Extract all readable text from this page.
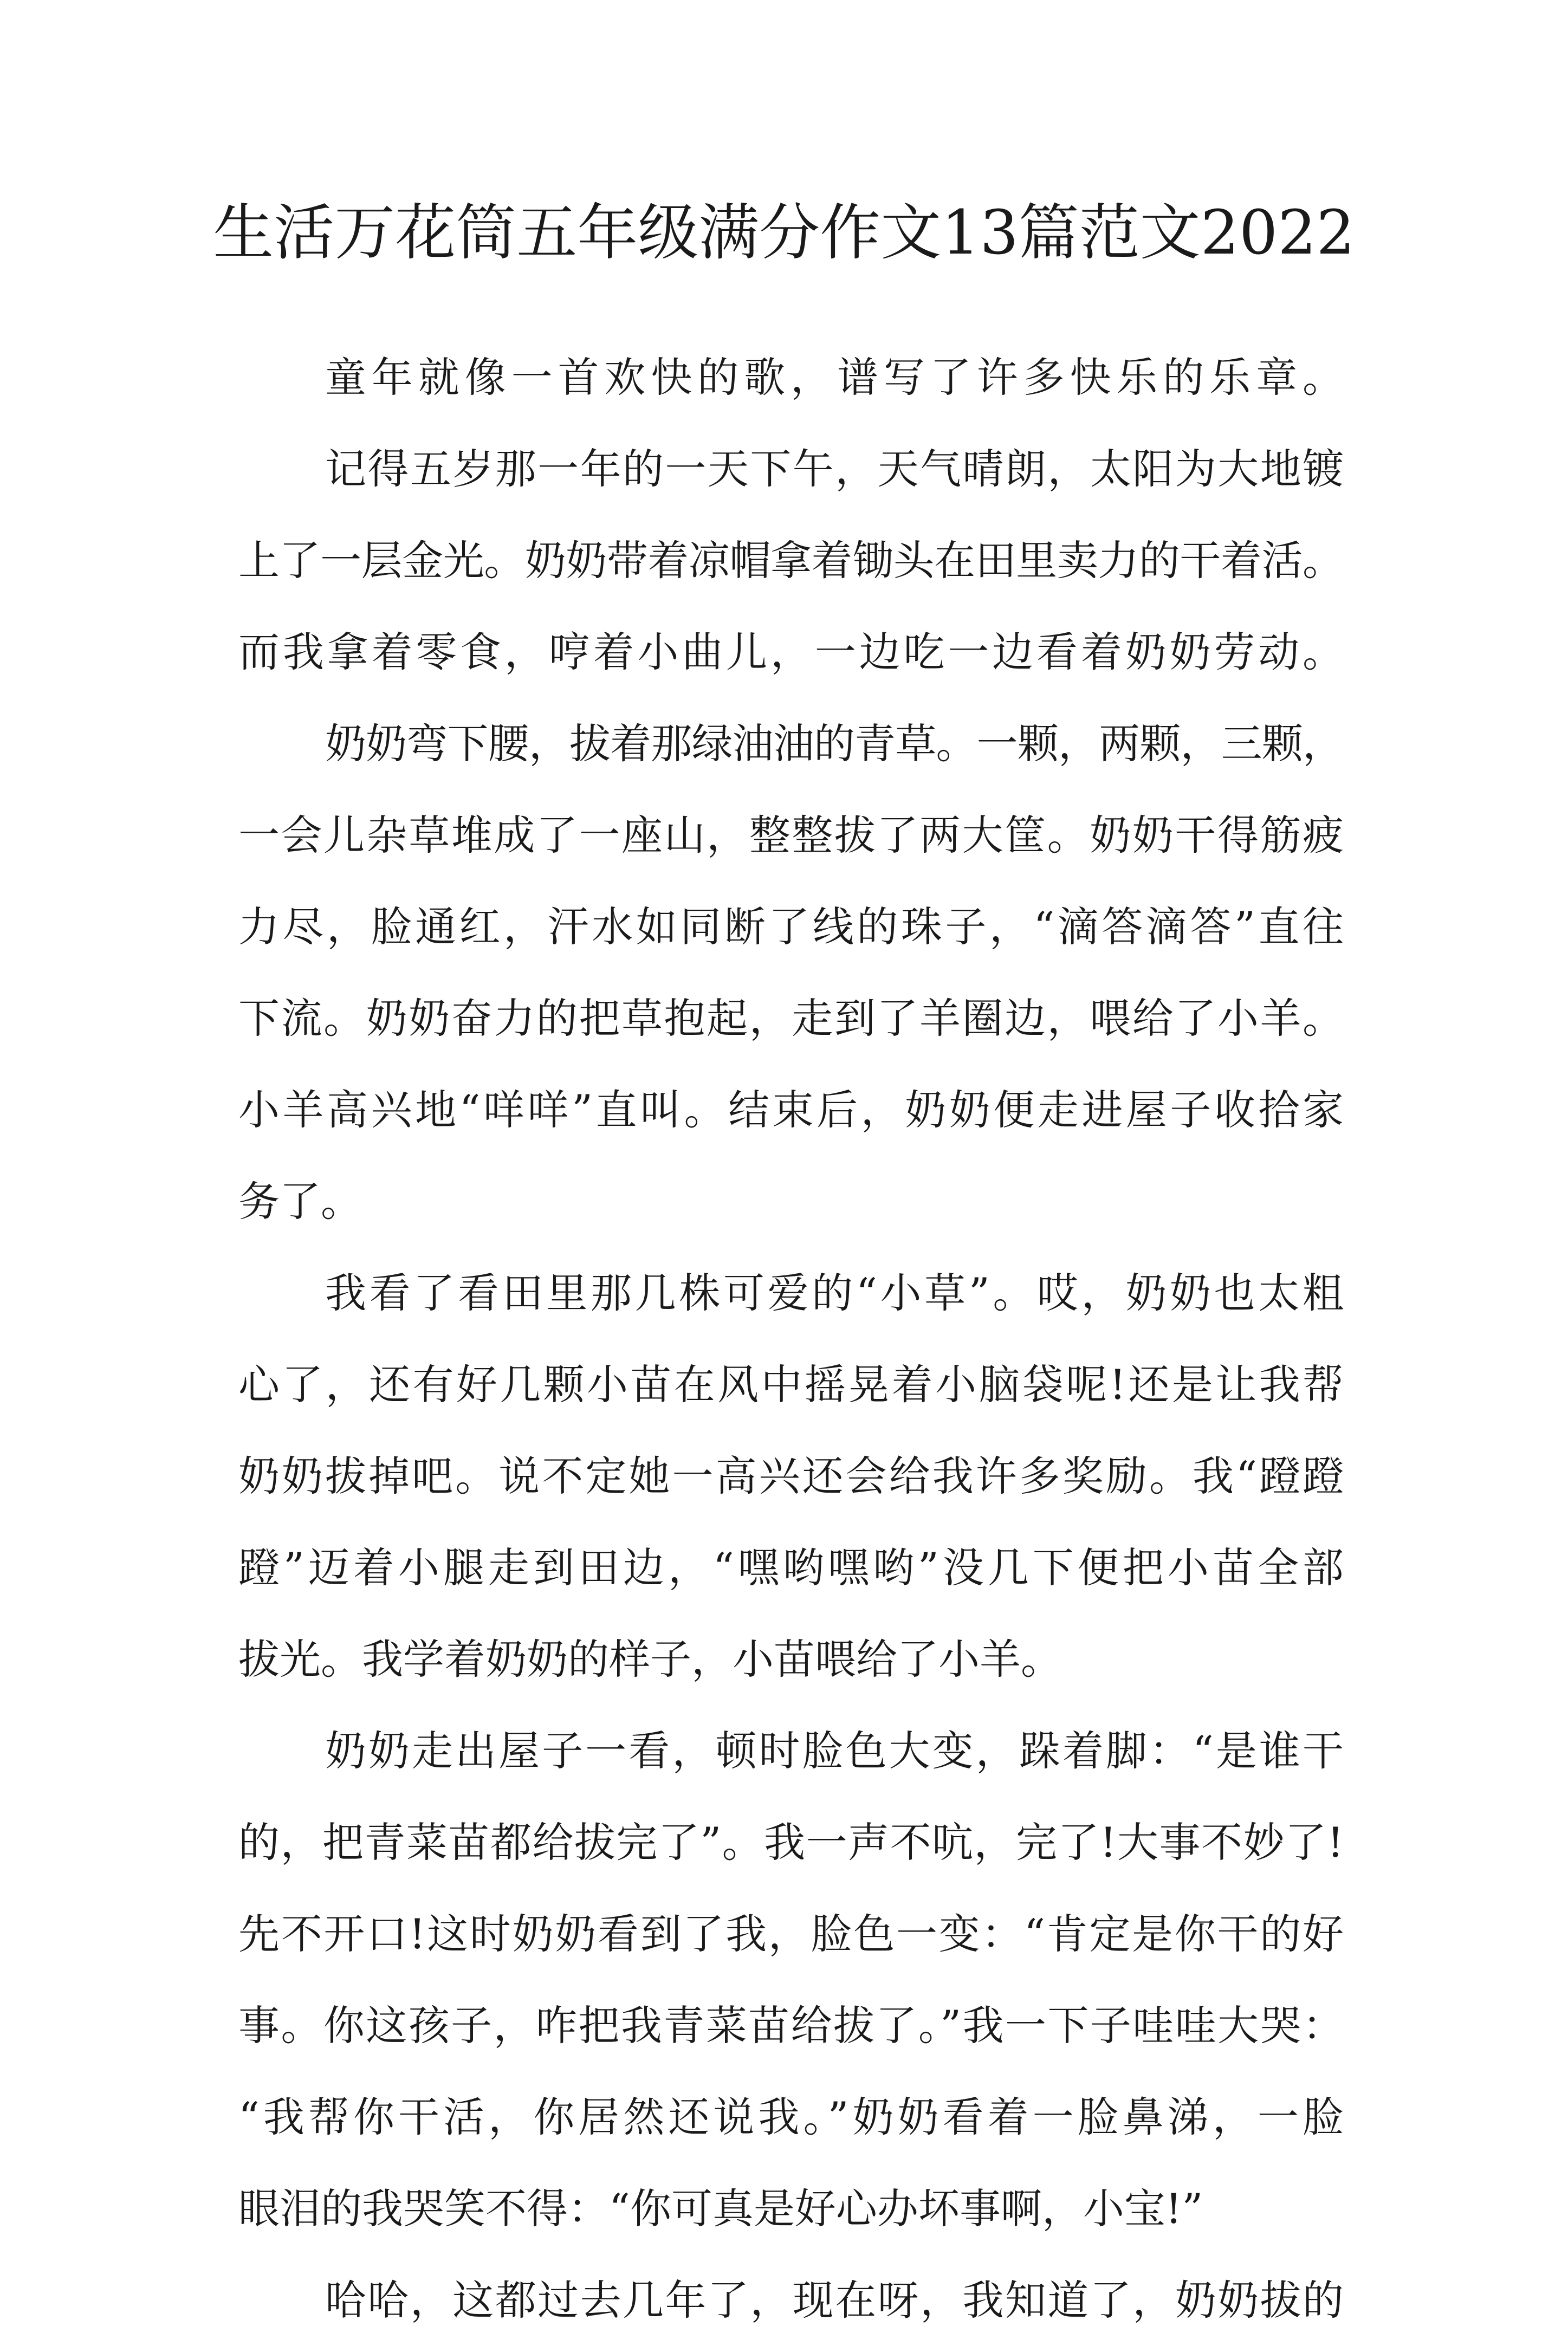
生活万花筒五年级满分作文13篇范文2022
童年就像一首欢快的歌，谱写了许多快乐的乐章。
记得五岁那一年的一天下午，天气晴朗，太阳为大地镀
上了一层金光。奶奶带着凉帽拿着锄头在田里卖力的干着活。
而我拿着零食，哼着小曲儿，一边吃一边看着奶奶劳动。
奶奶弯下腰，拔着那绿油油的青草。一颗，两颗，三颗，
一会儿杂草堆成了一座山，整整拔了两大筐。奶奶干得筋疲
力尽，脸通红，汗水如同断了线的珠子，“滴答滴答”直往
下流。奶奶奋力的把草抱起，走到了羊圈边，喂给了小羊。
小羊高兴地“咩咩”直叫。结束后，奶奶便走进屋子收拾家
务了。
我看了看田里那几株可爱的“小草”。哎，奶奶也太粗
心了，还有好几颗小苗在风中摇晃着小脑袋呢!还是让我帮
奶奶拔掉吧。说不定她一高兴还会给我许多奖励。我“蹬蹬
蹬”迈着小腿走到田边，“嘿哟嘿哟”没几下便把小苗全部
拔光。我学着奶奶的样子，小苗喂给了小羊。
奶奶走出屋子一看，顿时脸色大变，跺着脚：“是谁干
的，把青菜苗都给拔完了”。我一声不吭，完了!大事不妙了!
先不开口!这时奶奶看到了我，脸色一变：“肯定是你干的好
事。你这孩子，咋把我青菜苗给拔了。”我一下子哇哇大哭：
“我帮你干活，你居然还说我。”奶奶看着一脸鼻涕，一脸
眼泪的我哭笑不得：“你可真是好心办坏事啊，小宝!”
哈哈，这都过去几年了，现在呀，我知道了，奶奶拔的
